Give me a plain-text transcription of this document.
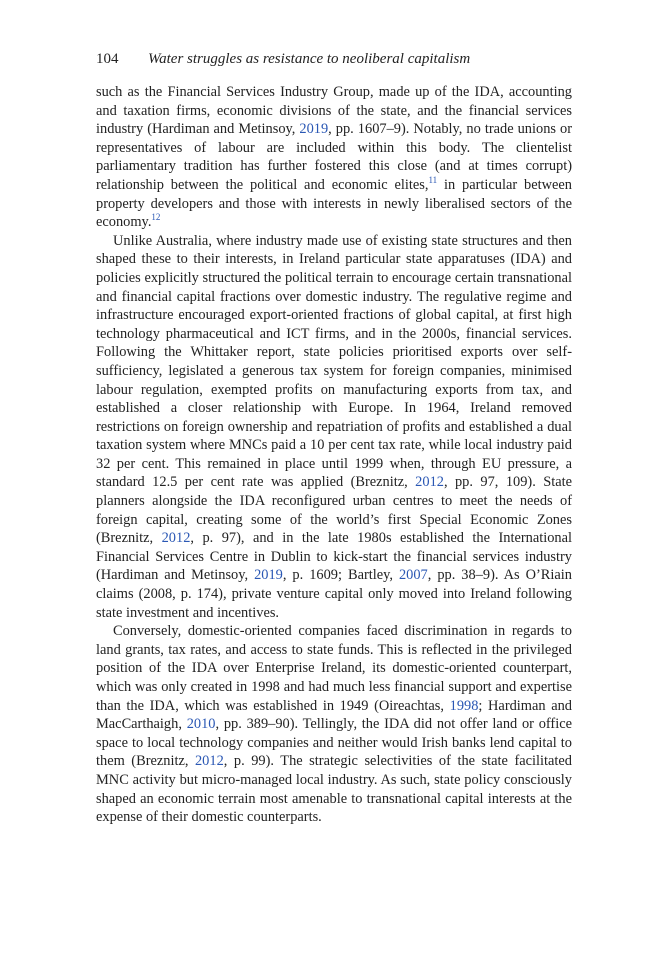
104 Water struggles as resistance to neoliberal capitalism

such as the Financial Services Industry Group, made up of the IDA, accounting and taxation firms, economic divisions of the state, and the financial services industry (Hardiman and Metinsoy, 2019, pp. 1607–9). Notably, no trade unions or representatives of labour are included within this body. The clientelist parliamentary tradition has further fostered this close (and at times corrupt) relationship between the political and economic elites,$^{11}$ in particular between property developers and those with interests in newly liberalised sectors of the economy.$^{12}$

Unlike Australia, where industry made use of existing state structures and then shaped these to their interests, in Ireland particular state apparatuses (IDA) and policies explicitly structured the political terrain to encourage certain transnational and financial capital fractions over domestic industry. The regulative regime and infrastructure encouraged export-oriented fractions of global capital, at first high technology pharmaceutical and ICT firms, and in the 2000s, financial services. Following the Whittaker report, state policies prioritised exports over self-sufficiency, legislated a generous tax system for foreign companies, minimised labour regulation, exempted profits on manufacturing exports from tax, and established a closer relationship with Europe. In 1964, Ireland removed restrictions on foreign ownership and repatriation of profits and established a dual taxation system where MNCs paid a 10 per cent tax rate, while local industry paid 32 per cent. This remained in place until 1999 when, through EU pressure, a standard 12.5 per cent rate was applied (Breznitz, 2012, pp. 97, 109). State planners alongside the IDA reconfigured urban centres to meet the needs of foreign capital, creating some of the world’s first Special Economic Zones (Breznitz, 2012, p. 97), and in the late 1980s established the International Financial Services Centre in Dublin to kick-start the financial services industry (Hardiman and Metinsoy, 2019, p. 1609; Bartley, 2007, pp. 38–9). As O’Riain claims (2008, p. 174), private venture capital only moved into Ireland following state investment and incentives.

Conversely, domestic-oriented companies faced discrimination in regards to land grants, tax rates, and access to state funds. This is reflected in the privileged position of the IDA over Enterprise Ireland, its domestic-oriented counterpart, which was only created in 1998 and had much less financial support and expertise than the IDA, which was established in 1949 (Oireachtas, 1998; Hardiman and MacCarthaigh, 2010, pp. 389–90). Tellingly, the IDA did not offer land or office space to local technology companies and neither would Irish banks lend capital to them (Breznitz, 2012, p. 99). The strategic selectivities of the state facilitated MNC activity but micro-managed local industry. As such, state policy consciously shaped an economic terrain most amenable to transnational capital interests at the expense of their domestic counterparts.
